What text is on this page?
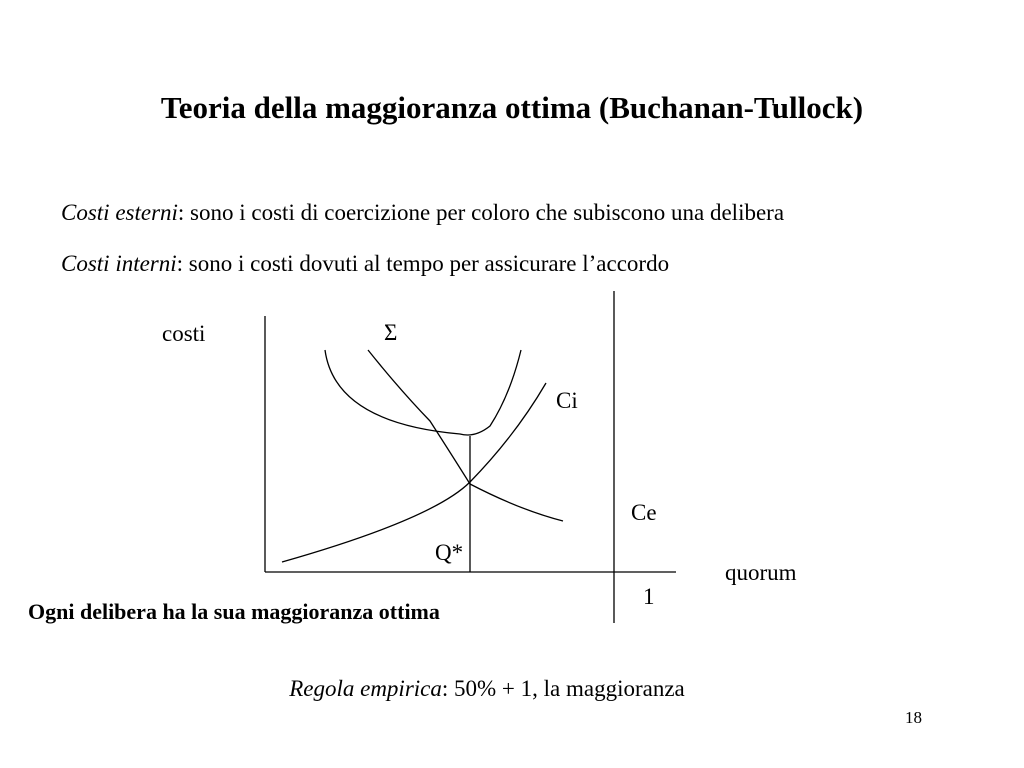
Teoria della maggioranza ottima (Buchanan-Tullock)
Costi esterni: sono i costi di coercizione per coloro che subiscono una delibera
Costi interni: sono i costi dovuti al tempo per assicurare l’accordo
costi	Σ
Ci
Ce
Q*
quorum
1
Ogni delibera ha la sua maggioranza ottima
Regola empirica: 50% + 1, la maggioranza
18
